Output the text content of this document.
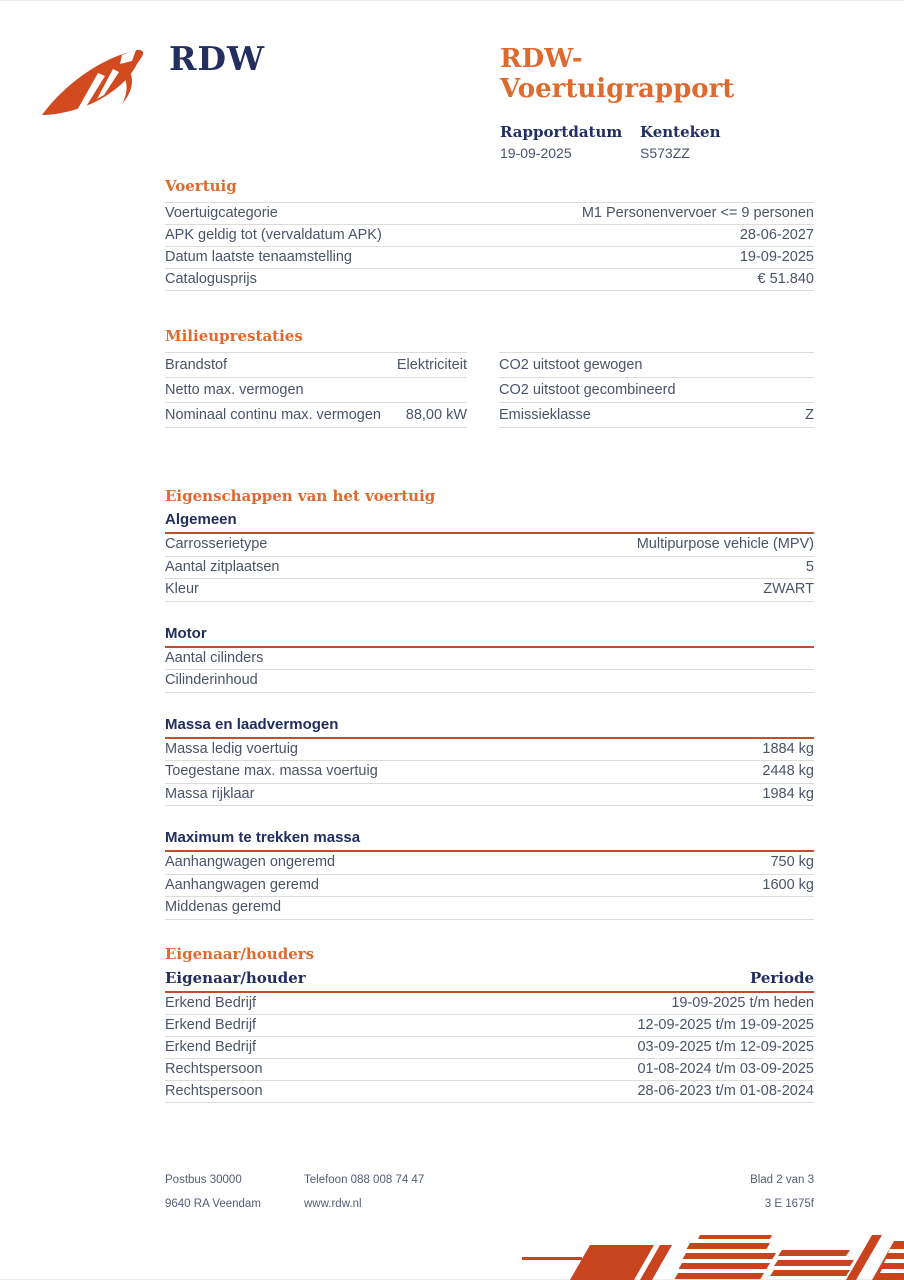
RDW	RDW-Voertuigrapport
Rapportdatum
19-09-2025
Kenteken
S573ZZ
Voertuig
Voertuigcategorie	M1 Personenvervoer <= 9 personen
APK geldig tot (vervaldatum APK)	28-06-2027
Datum laatste tenaamstelling	19-09-2025
Catalogusprijs	€ 51.840
Milieuprestaties
Brandstof	Elektriciteit
Netto max. vermogen
Nominaal continu max. vermogen 88,00 kW
CO2 uitstoot gewogen
CO2 uitstoot gecombineerd
Emissieklasse	Z
Eigenschappen van het voertuig
Algemeen
Carrosserietype	Multipurpose vehicle (MPV)
Aantal zitplaatsen	5
Kleur	ZWART
Motor
Aantal cilinders
Cilinderinhoud
Massa en laadvermogen
Massa ledig voertuig	1884 kg
Toegestane max. massa voertuig	2448 kg
Massa rijklaar	1984 kg
Maximum te trekken massa
Aanhangwagen ongeremd	750 kg
Aanhangwagen geremd	1600 kg
Middenas geremd
Eigenaar/houders
Eigenaar/houder	Periode
Erkend Bedrijf	19-09-2025 t/m heden
Erkend Bedrijf	12-09-2025 t/m 19-09-2025
Erkend Bedrijf	03-09-2025 t/m 12-09-2025
Rechtspersoon	01-08-2024 t/m 03-09-2025
Rechtspersoon	28-06-2023 t/m 01-08-2024
Postbus 30000	Telefoon 088 008 74 47	Blad 2 van 3
9640 RA Veendam	www.rdw.nl	3 E 1675f
